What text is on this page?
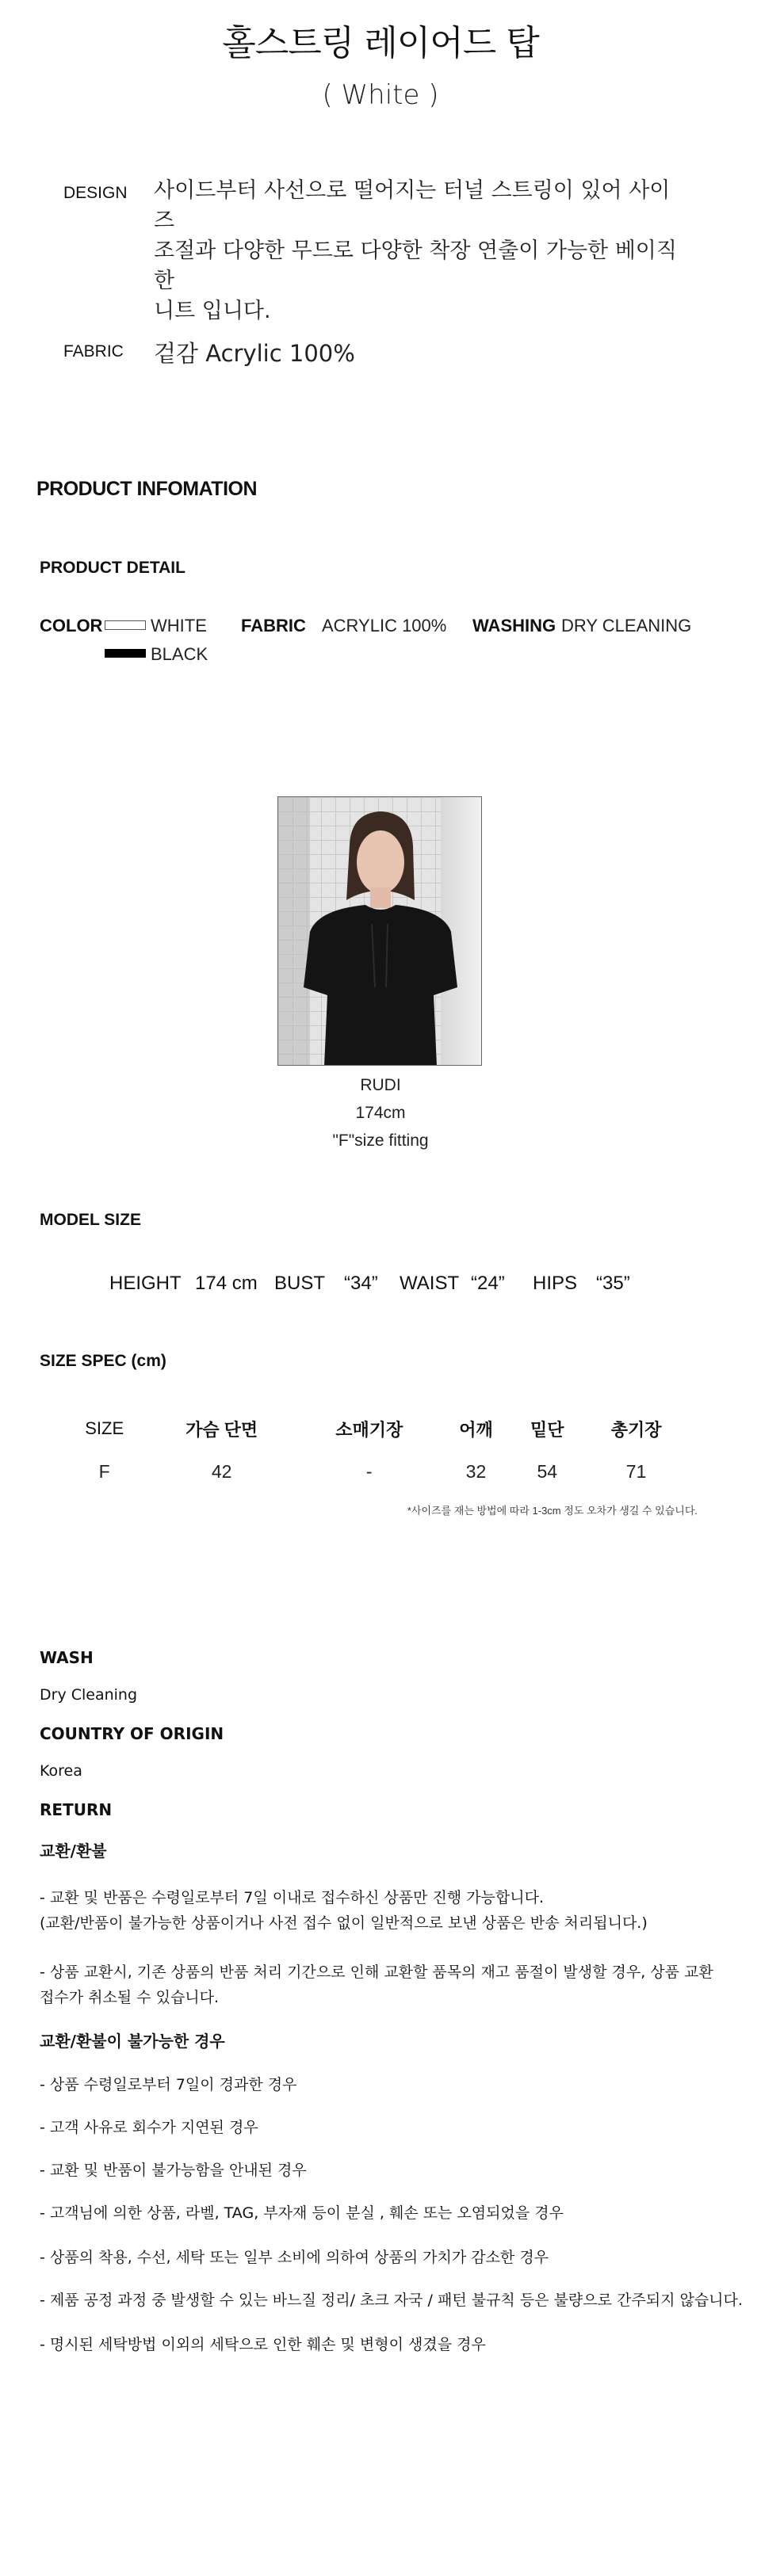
홀스트링 레이어드 탑
( White )
DESIGN 사이드부터 사선으로 떨어지는 터널 스트링이 있어 사이즈
조절과 다양한 무드로 다양한 착장 연출이 가능한 베이직한
니트 입니다.
FABRIC 겉감 Acrylic 100%
PRODUCT INFOMATION
PRODUCT DETAIL
COLOR	WHITE
BLACK
FABRIC ACRYLIC 100% WASHING DRY CLEANING
RUDI
174cm
"F"size fitting
MODEL SIZE
HEIGHT 174 cm BUST “34” WAIST “24” HIPS “35”
SIZE SPEC (cm)
SIZE	가슴 단면	소매기장	어깨	밑단	총기장
F	42	-	32	54	71
*사이즈를 재는 방법에 따라 1-3cm 정도 오차가 생길 수 있습니다.
WASH
Dry Cleaning
COUNTRY OF ORIGIN
Korea
RETURN
교환/환불
- 교환 및 반품은 수령일로부터 7일 이내로 접수하신 상품만 진행 가능합니다.
(교환/반품이 불가능한 상품이거나 사전 접수 없이 일반적으로 보낸 상품은 반송 처리됩니다.)
- 상품 교환시, 기존 상품의 반품 처리 기간으로 인해 교환할 품목의 재고 품절이 발생할 경우, 상품 교환
접수가 취소될 수 있습니다.
교환/환불이 불가능한 경우
- 상품 수령일로부터 7일이 경과한 경우
- 고객 사유로 회수가 지연된 경우
- 교환 및 반품이 불가능함을 안내된 경우
- 고객님에 의한 상품, 라벨, TAG, 부자재 등이 분실 , 훼손 또는 오염되었을 경우
- 상품의 착용, 수선, 세탁 또는 일부 소비에 의하여 상품의 가치가 감소한 경우
- 제품 공정 과정 중 발생할 수 있는 바느질 정리/ 초크 자국 / 패턴 불규칙 등은 불량으로 간주되지 않습니다.
- 명시된 세탁방법 이외의 세탁으로 인한 훼손 및 변형이 생겼을 경우
